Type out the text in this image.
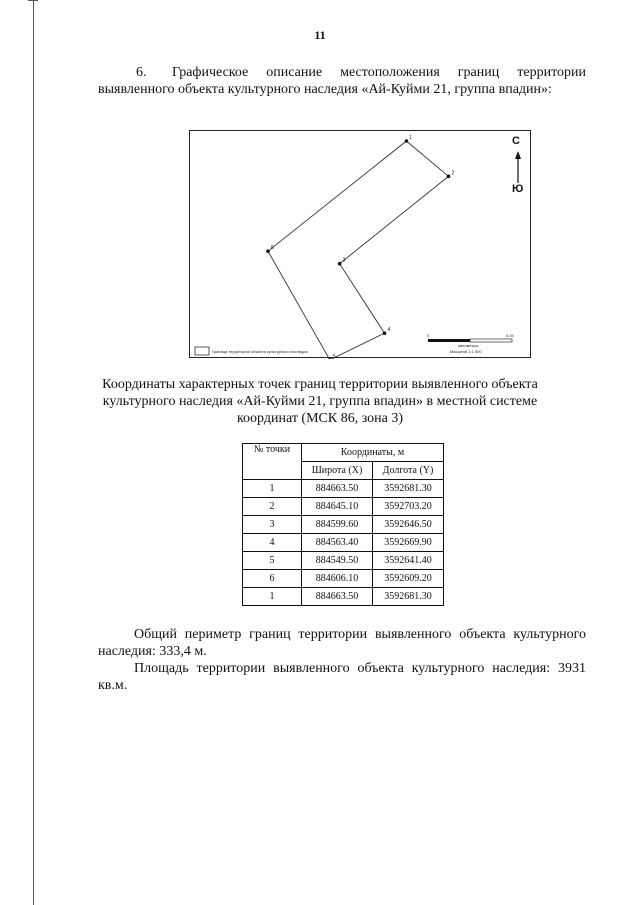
11
6. Графическое описание местоположения границ территории выявленного объекта культурного наследия «Ай-Куйми 21, группа впадин»:
1
2
3
4
5
6
С
Ю
0	0,04
километры
Масштаб 1:1 000
Граница территории объекта культурного наследия
Координаты характерных точек границ территории выявленного объекта культурного наследия «Ай-Куйми 21, группа впадин» в местной системе координат (МСК 86, зона 3)
№ точки	Координаты, м	
	Широта (X)	Долгота (Y)
1	884663.50	3592681.30
2	884645.10	3592703.20
3	884599.60	3592646.50
4	884563.40	3592669.90
5	884549.50	3592641.40
6	884606.10	3592609.20
1	884663.50	3592681.30
Общий периметр границ территории выявленного объекта культурного наследия: 333,4 м.
Площадь территории выявленного объекта культурного наследия: 3931 кв.м.
